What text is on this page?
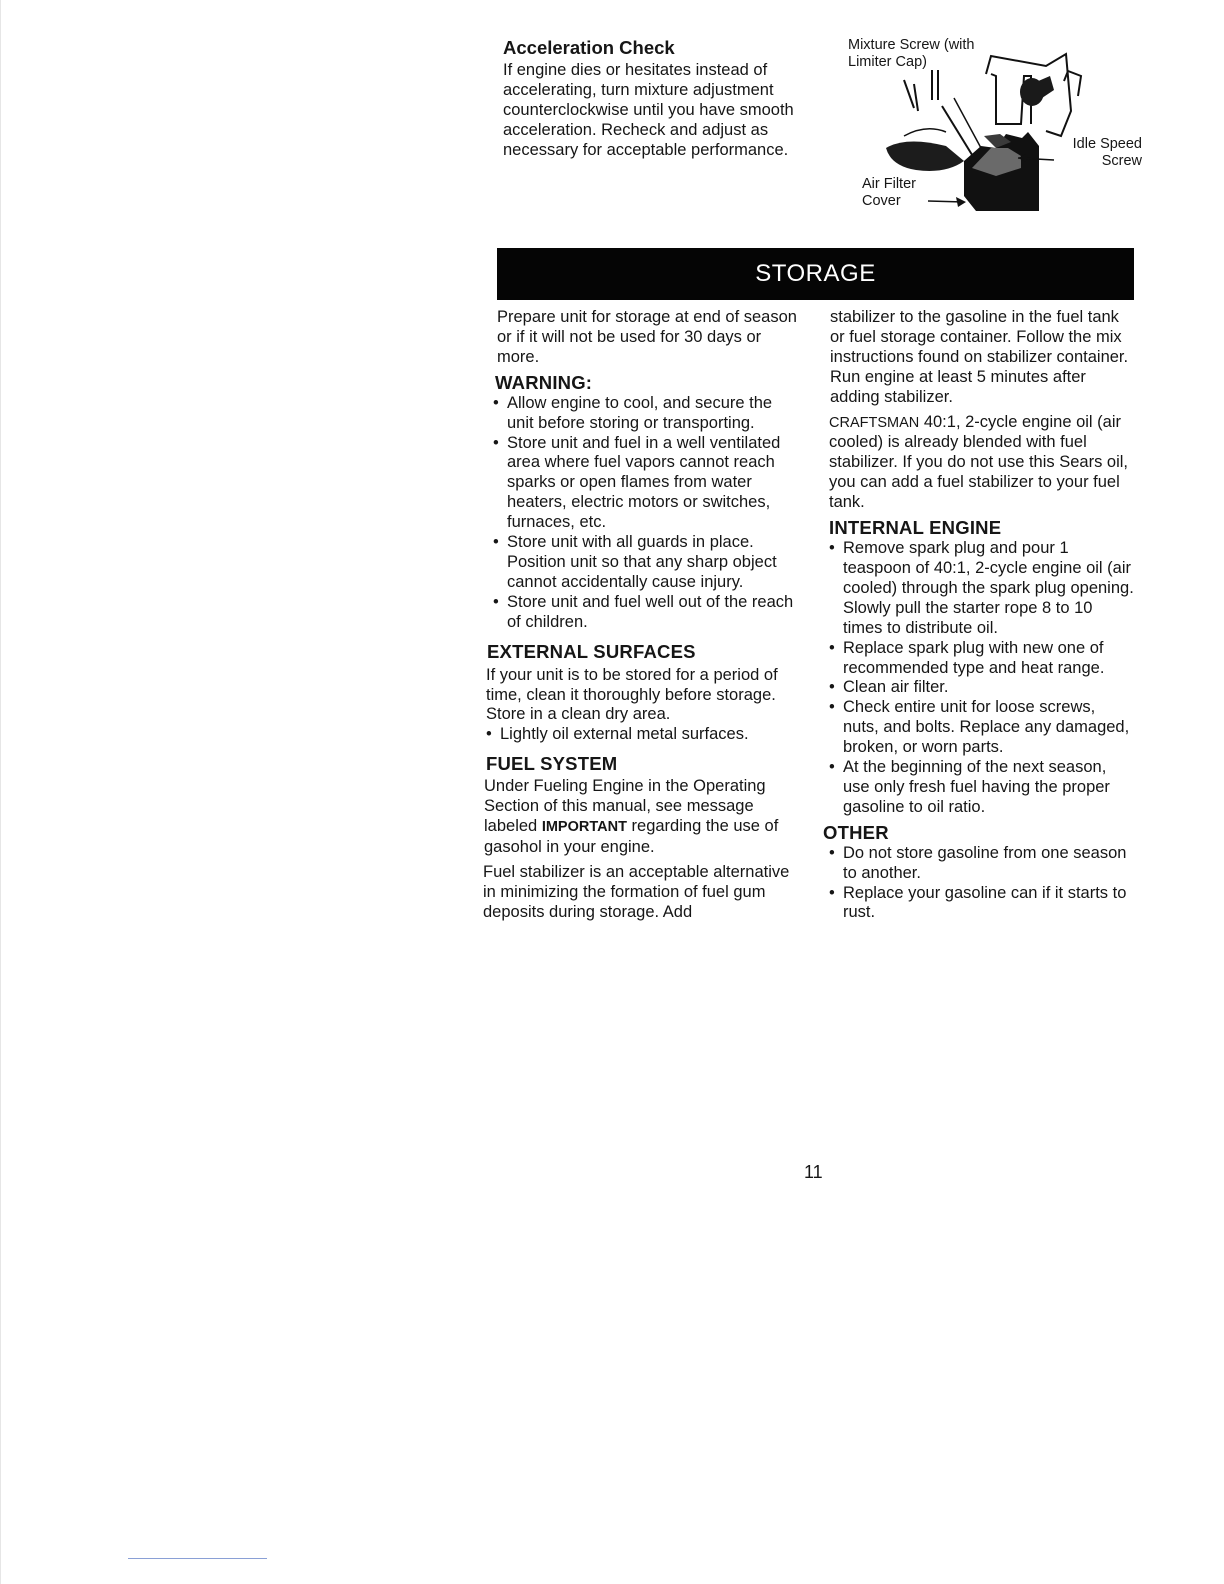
Acceleration Check

If engine dies or hesitates instead of accelerating, turn mixture adjustment counterclockwise until you have smooth acceleration. Recheck and adjust as necessary for acceptable performance.

Mixture Screw (with Limiter Cap)
Idle Speed Screw
Air Filter Cover
STORAGE

Prepare unit for storage at end of season or if it will not be used for 30 days or more.

WARNING:
• Allow engine to cool, and secure the unit before storing or transporting.
• Store unit and fuel in a well ventilated area where fuel vapors cannot reach sparks or open flames from water heaters, electric motors or switches, furnaces, etc.
• Store unit with all guards in place. Position unit so that any sharp object cannot accidentally cause injury.
• Store unit and fuel well out of the reach of children.
EXTERNAL SURFACES

If your unit is to be stored for a period of time, clean it thoroughly before storage. Store in a clean dry area.

• Lightly oil external metal surfaces.
FUEL SYSTEM

Under Fueling Engine in the Operating Section of this manual, see message labeled IMPORTANT regarding the use of gasohol in your engine.

Fuel stabilizer is an acceptable alternative in minimizing the formation of fuel gum deposits during storage. Add

stabilizer to the gasoline in the fuel tank or fuel storage container. Follow the mix instructions found on stabilizer container. Run engine at least 5 minutes after adding stabilizer.

CRAFTSMAN 40:1, 2-cycle engine oil (air cooled) is already blended with fuel stabilizer. If you do not use this Sears oil, you can add a fuel stabilizer to your fuel tank.

INTERNAL ENGINE
• Remove spark plug and pour 1 teaspoon of 40:1, 2-cycle engine oil (air cooled) through the spark plug opening. Slowly pull the starter rope 8 to 10 times to distribute oil.
• Replace spark plug with new one of recommended type and heat range.
• Clean air filter.
• Check entire unit for loose screws, nuts, and bolts. Replace any damaged, broken, or worn parts.
• At the beginning of the next season, use only fresh fuel having the proper gasoline to oil ratio.
OTHER
• Do not store gasoline from one season to another.
• Replace your gasoline can if it starts to rust.
11
